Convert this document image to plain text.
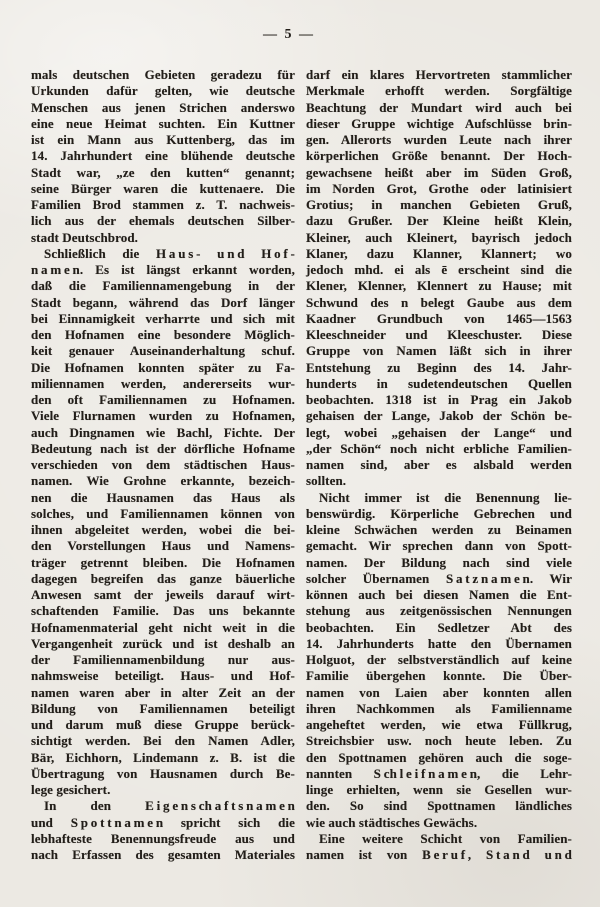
— 5 —
mals deutschen Gebieten geradezu für
Urkunden dafür gelten, wie deutsche
Menschen aus jenen Strichen anderswo
eine neue Heimat suchten. Ein Kuttner
ist ein Mann aus Kuttenberg, das im
14. Jahrhundert eine blühende deutsche
Stadt war, „ze den kutten“ genannt;
seine Bürger waren die kuttenaere. Die
Familien Brod stammen z. T. nachweis-
lich aus der ehemals deutschen Silber-
stadt Deutschbrod.
Schließlich die H a u s - u n d H o f -
n a m e n. Es ist längst erkannt worden,
daß die Familiennamengebung in der
Stadt begann, während das Dorf länger
bei Einnamigkeit verharrte und sich mit
den Hofnamen eine besondere Möglich-
keit genauer Auseinanderhaltung schuf.
Die Hofnamen konnten später zu Fa-
miliennamen werden, andererseits wur-
den oft Familiennamen zu Hofnamen.
Viele Flurnamen wurden zu Hofnamen,
auch Dingnamen wie Bachl, Fichte. Der
Bedeutung nach ist der dörfliche Hofname
verschieden von dem städtischen Haus-
namen. Wie Grohne erkannte, bezeich-
nen die Hausnamen das Haus als
solches, und Familiennamen können von
ihnen abgeleitet werden, wobei die bei-
den Vorstellungen Haus und Namens-
träger getrennt bleiben. Die Hofnamen
dagegen begreifen das ganze bäuerliche
Anwesen samt der jeweils darauf wirt-
schaftenden Familie. Das uns bekannte
Hofnamenmaterial geht nicht weit in die
Vergangenheit zurück und ist deshalb an
der Familiennamenbildung nur aus-
nahmsweise beteiligt. Haus- und Hof-
namen waren aber in alter Zeit an der
Bildung von Familiennamen beteiligt
und darum muß diese Gruppe berück-
sichtigt werden. Bei den Namen Adler,
Bär, Eichhorn, Lindemann z. B. ist die
Übertragung von Hausnamen durch Be-
lege gesichert.
In den E i g e n s ch a f t s n a m e n
und S p o t t n a m e n spricht sich die
lebhafteste Benennungsfreude aus und
nach Erfassen des gesamten Materiales
darf ein klares Hervortreten stammlicher
Merkmale erhofft werden. Sorgfältige
Beachtung der Mundart wird auch bei
dieser Gruppe wichtige Aufschlüsse brin-
gen. Allerorts wurden Leute nach ihrer
körperlichen Größe benannt. Der Hoch-
gewachsene heißt aber im Süden Groß,
im Norden Grot, Grothe oder latinisiert
Grotius; in manchen Gebieten Gruß,
dazu Grußer. Der Kleine heißt Klein,
Kleiner, auch Kleinert, bayrisch jedoch
Klaner, dazu Klanner, Klannert; wo
jedoch mhd. ei als ē erscheint sind die
Klener, Klenner, Klennert zu Hause; mit
Schwund des n belegt Gaube aus dem
Kaadner Grundbuch von 1465—1563
Kleeschneider und Kleeschuster. Diese
Gruppe von Namen läßt sich in ihrer
Entstehung zu Beginn des 14. Jahr-
hunderts in sudetendeutschen Quellen
beobachten. 1318 ist in Prag ein Jakob
gehaisen der Lange, Jakob der Schön be-
legt, wobei „gehaisen der Lange“ und
„der Schön“ noch nicht erbliche Familien-
namen sind, aber es alsbald werden
sollten.
Nicht immer ist die Benennung lie-
benswürdig. Körperliche Gebrechen und
kleine Schwächen werden zu Beinamen
gemacht. Wir sprechen dann von Spott-
namen. Der Bildung nach sind viele
solcher Übernamen S a t z n a m e n. Wir
können auch bei diesen Namen die Ent-
stehung aus zeitgenössischen Nennungen
beobachten. Ein Sedletzer Abt des
14. Jahrhunderts hatte den Übernamen
Holguot, der selbstverständlich auf keine
Familie übergehen konnte. Die Über-
namen von Laien aber konnten allen
ihren Nachkommen als Familienname
angeheftet werden, wie etwa Füllkrug,
Streichsbier usw. noch heute leben. Zu
den Spottnamen gehören auch die soge-
nannten S ch l e i f n a m e n, die Lehr-
linge erhielten, wenn sie Gesellen wur-
den. So sind Spottnamen ländliches
wie auch städtisches Gewächs.
Eine weitere Schicht von Familien-
namen ist von B e r u f , S t a n d u n d
